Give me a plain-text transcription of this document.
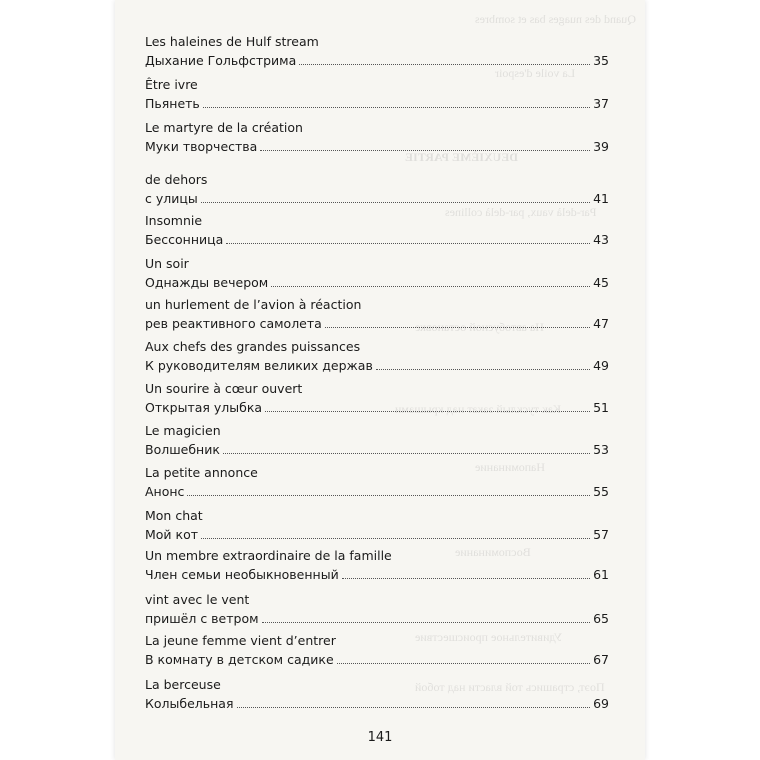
Quand des nuages bas et sombres
La voile d'espoir
DEUXIÈME PARTIE
Par-delà vaux, par-delà collines
На автобусной остановке
Как тусклый закат над крышами
Напоминание
Воспоминание
Удивительное происшествие
Поэт, страшись той власти над тобой
Les haleines de Hulf stream
Дыхание Гольфстрима	35
Être ivre
Пьянеть	37
Le martyre de la création
Муки творчества	39
de dehors
с улицы	41
Insomnie
Бессонница	43
Un soir
Однажды вечером	45
un hurlement de l’avion à réaction
рев реактивного самолета	47
Aux chefs des grandes puissances
К руководителям великих держав	49
Un sourire à cœur ouvert
Открытая улыбка	51
Le magicien
Волшебник	53
La petite annonce
Анонс	55
Mon chat
Мой кот	57
Un membre extraordinaire de la famille
Член семьи необыкновенный	61
vint avec le vent
пришёл с ветром	65
La jeune femme vient d’entrer
В комнату в детском садике	67
La berceuse
Колыбельная	69
141
